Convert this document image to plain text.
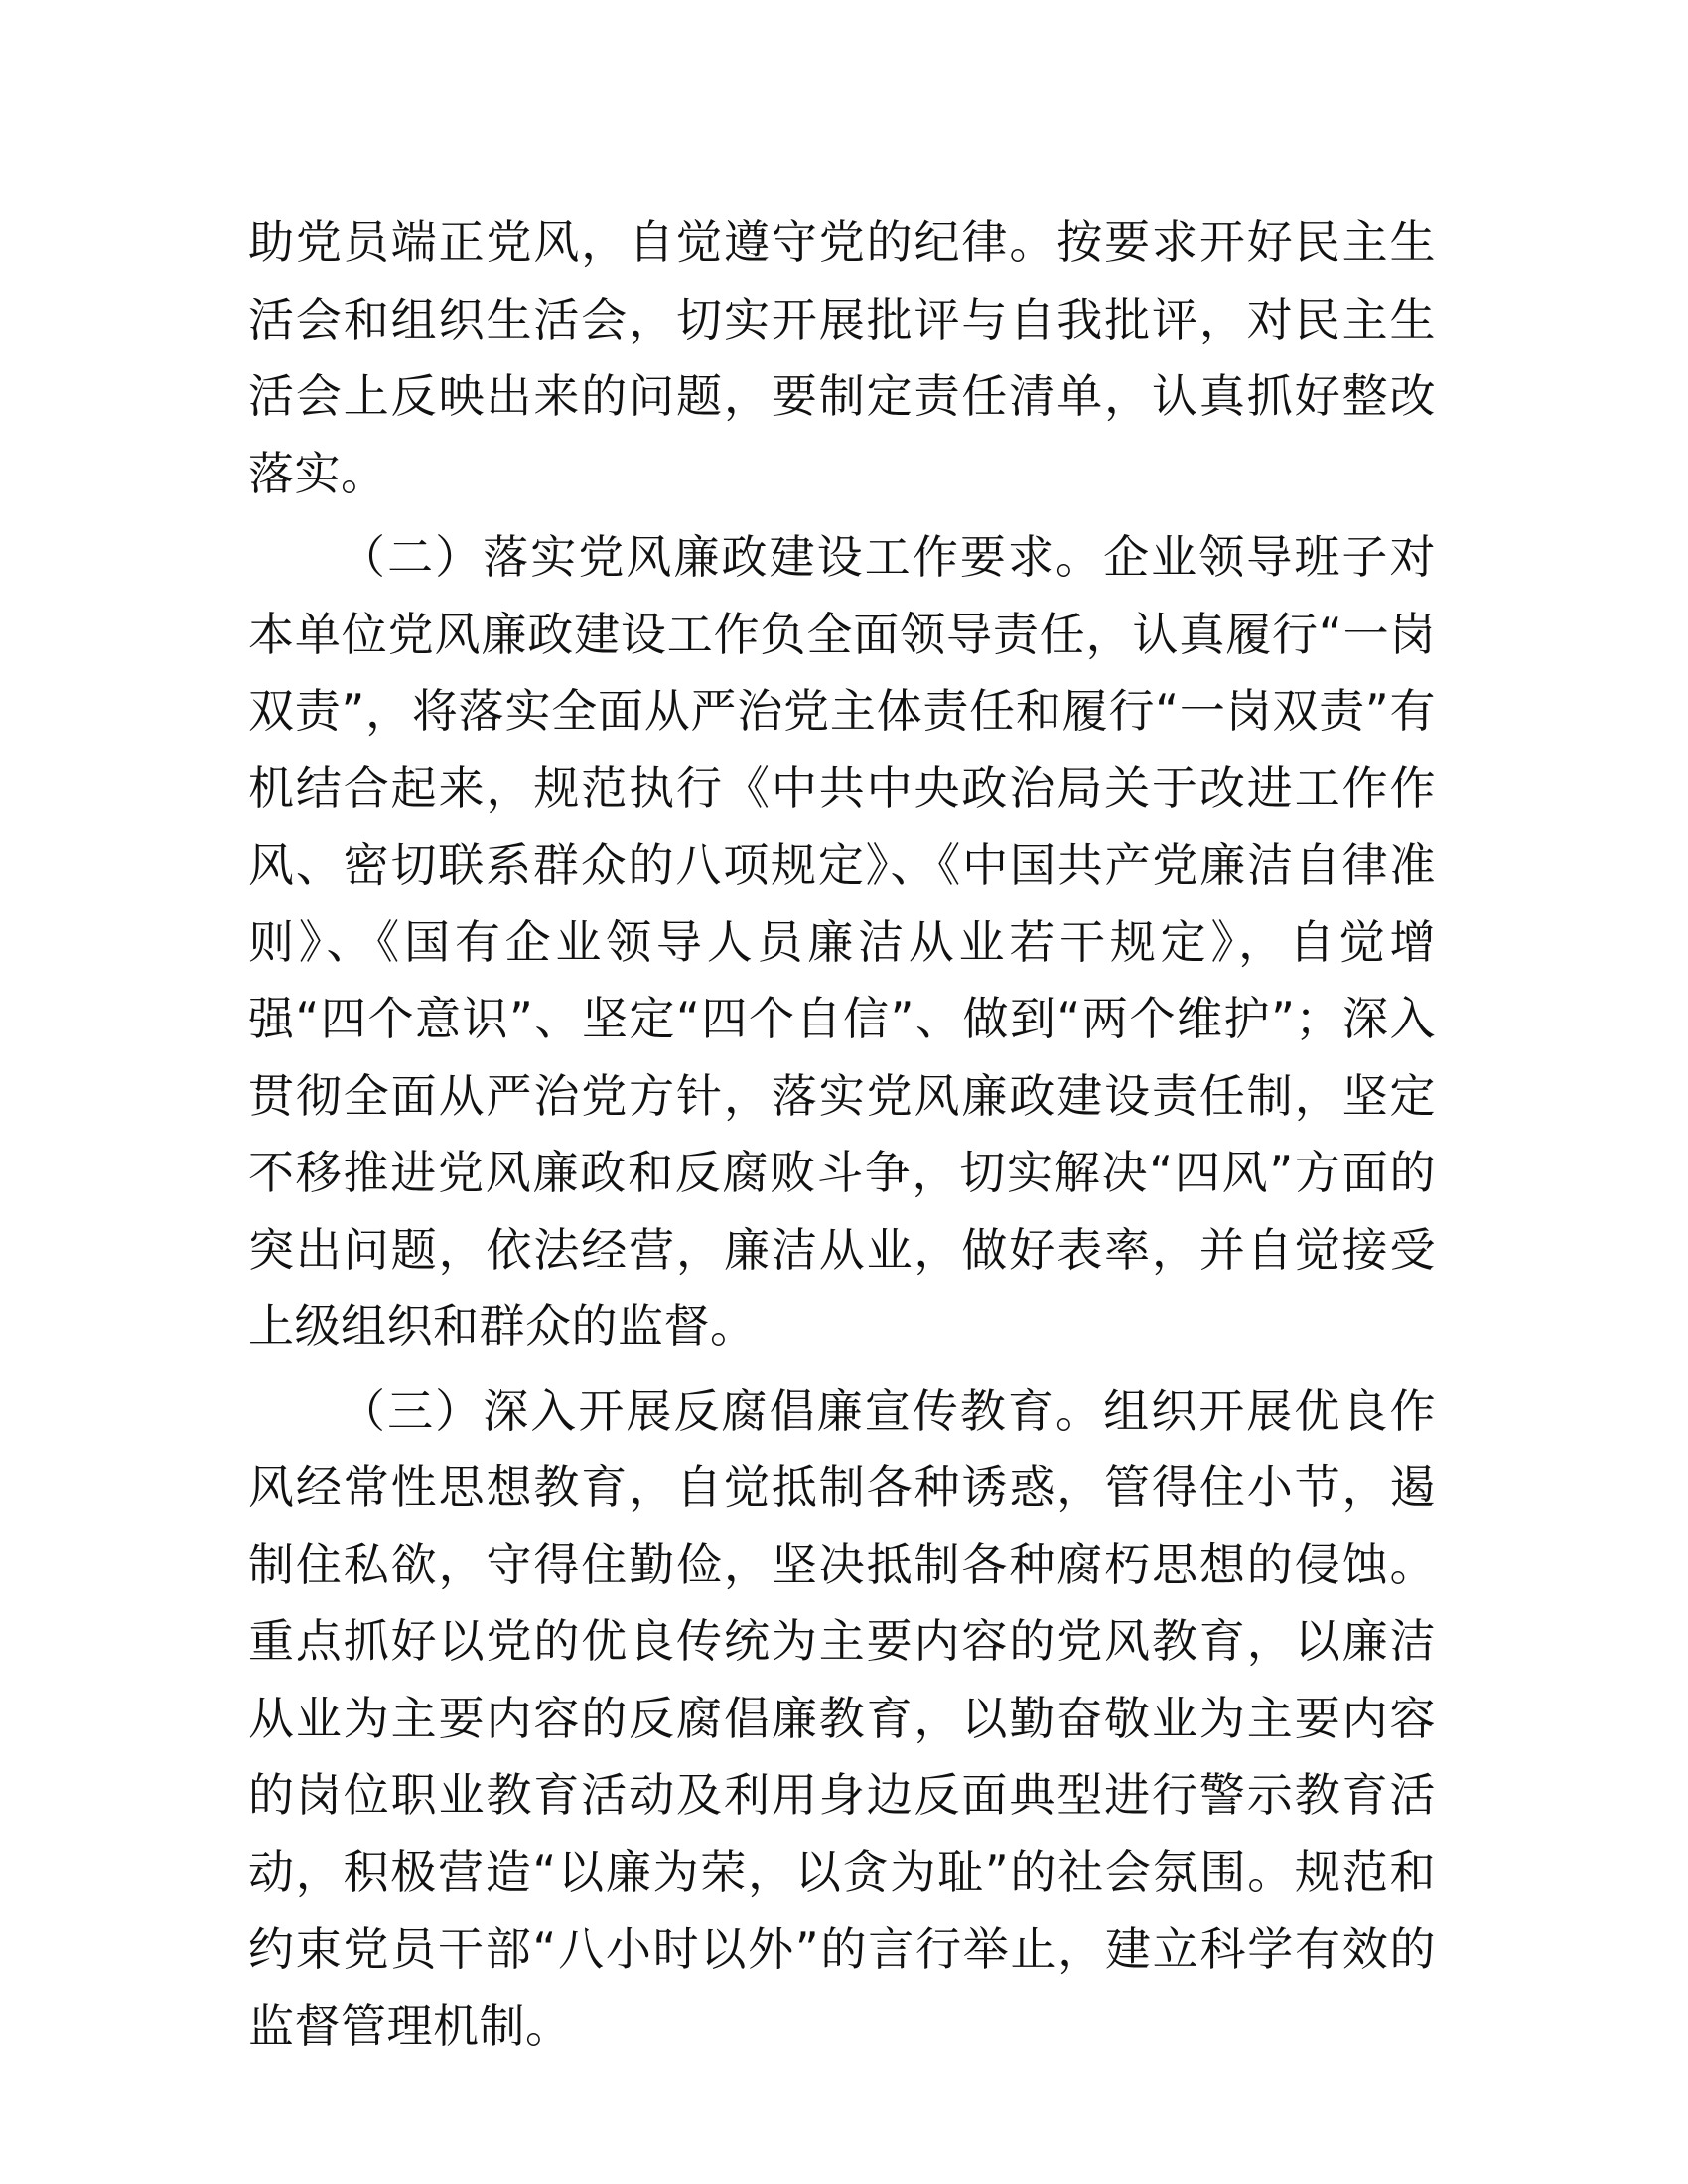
助党员端正党风，自觉遵守党的纪律。按要求开好民主生活会和组织生活会，切实开展批评与自我批评，对民主生活会上反映出来的问题，要制定责任清单，认真抓好整改落实。

（二）落实党风廉政建设工作要求。企业领导班子对本单位党风廉政建设工作负全面领导责任，认真履行“一岗双责”，将落实全面从严治党主体责任和履行“一岗双责”有机结合起来，规范执行《中共中央政治局关于改进工作作风、密切联系群众的八项规定》、《中国共产党廉洁自律准则》、《国有企业领导人员廉洁从业若干规定》，自觉增强“四个意识”、坚定“四个自信”、做到“两个维护”；深入贯彻全面从严治党方针，落实党风廉政建设责任制，坚定不移推进党风廉政和反腐败斗争，切实解决“四风”方面的突出问题，依法经营，廉洁从业，做好表率，并自觉接受上级组织和群众的监督。

（三）深入开展反腐倡廉宣传教育。组织开展优良作风经常性思想教育，自觉抵制各种诱惑，管得住小节，遏制住私欲，守得住勤俭，坚决抵制各种腐朽思想的侵蚀。重点抓好以党的优良传统为主要内容的党风教育，以廉洁从业为主要内容的反腐倡廉教育，以勤奋敬业为主要内容的岗位职业教育活动及利用身边反面典型进行警示教育活动，积极营造“以廉为荣，以贪为耻”的社会氛围。规范和约束党员干部“八小时以外”的言行举止，建立科学有效的监督管理机制。
